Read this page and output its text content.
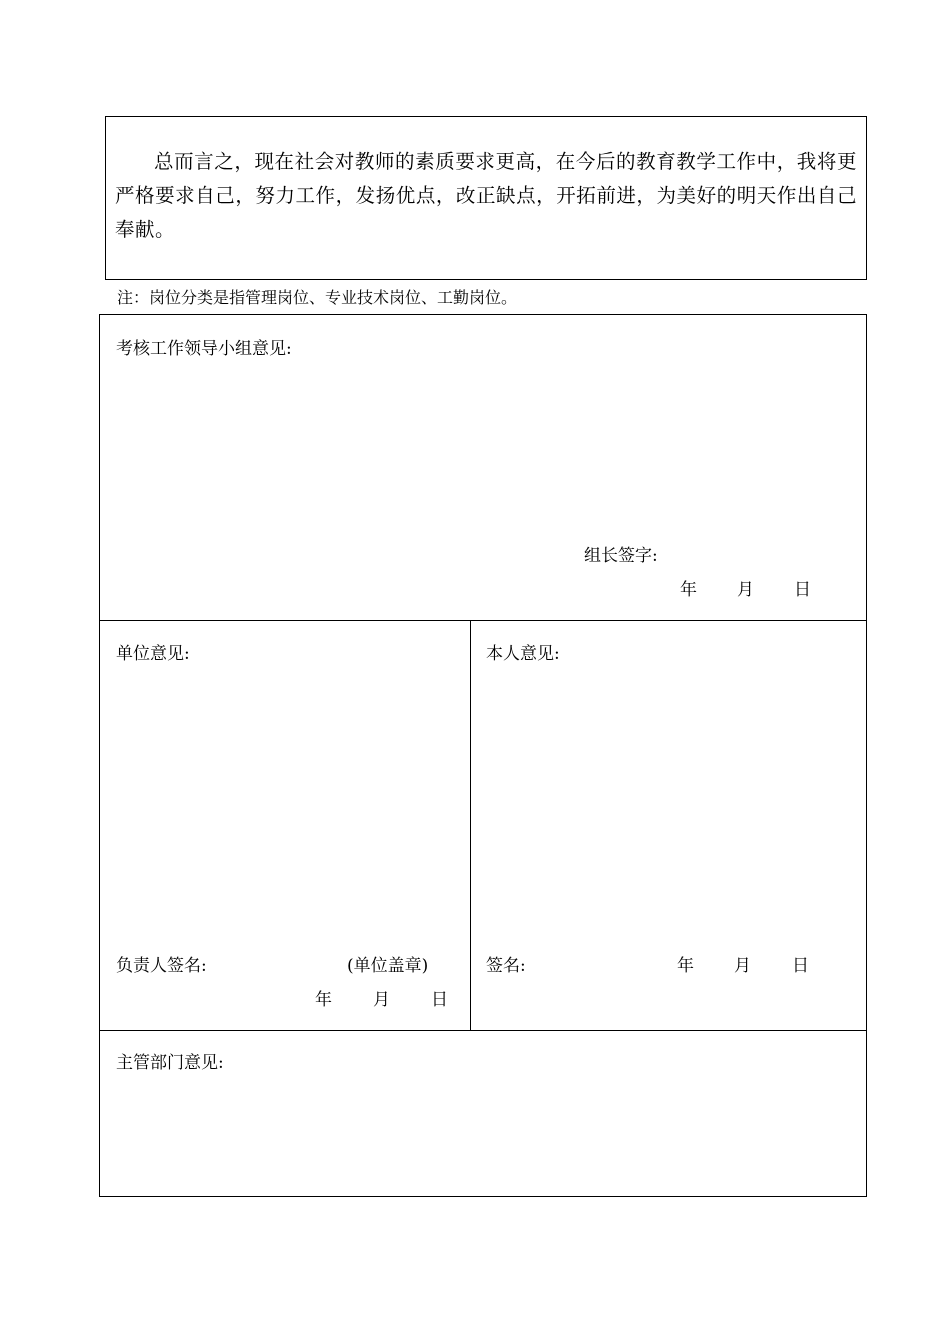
总而言之，现在社会对教师的素质要求更高，在今后的教育教学工作中，我将更严格要求自己，努力工作，发扬优点，改正缺点，开拓前进，为美好的明天作出自己奉献。
注：岗位分类是指管理岗位、专业技术岗位、工勤岗位。
考核工作领导小组意见:
组长签字:
年 月 日
单位意见:
负责人签名:	(单位盖章)
年 月 日
本人意见:
签名:	年 月 日
主管部门意见:
